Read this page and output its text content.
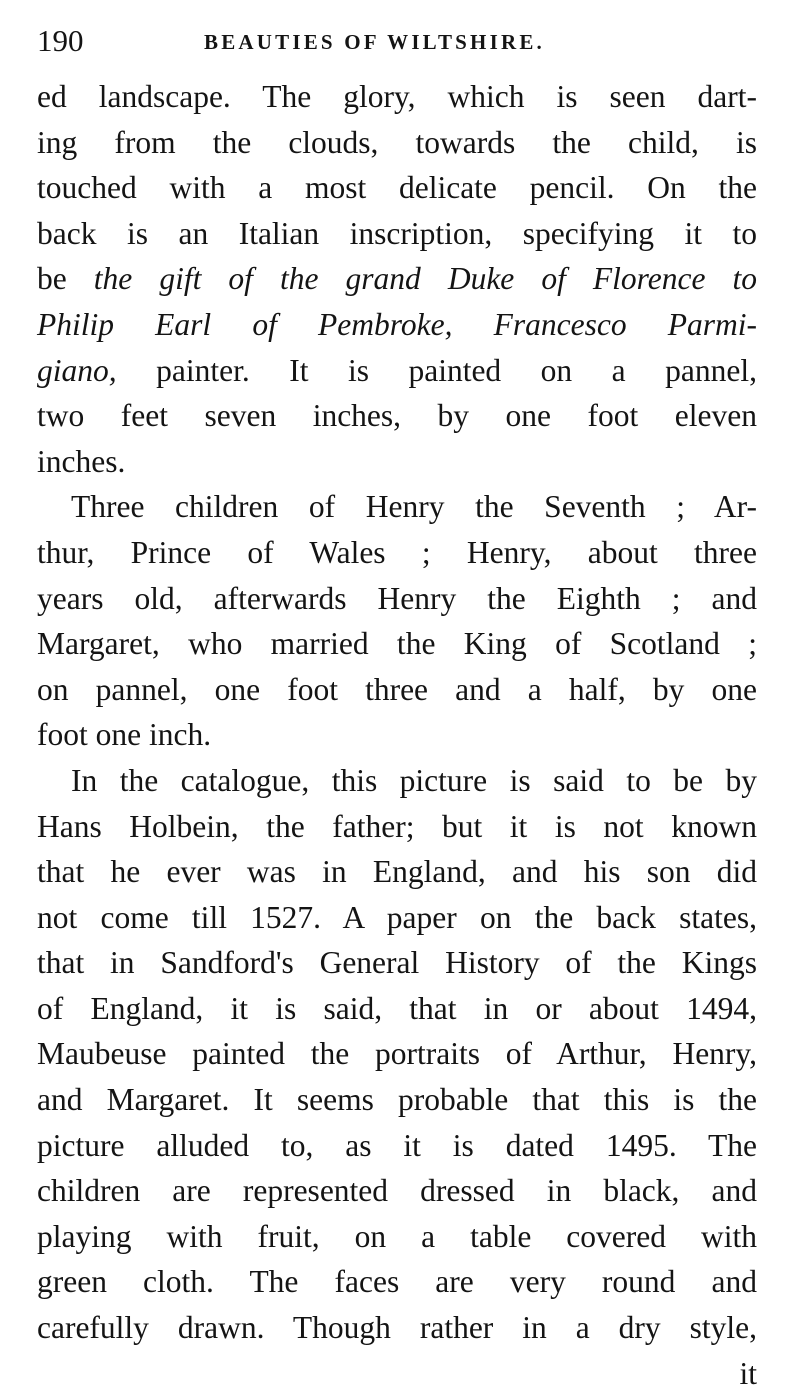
190	BEAUTIES OF WILTSHIRE.
ed landscape. The glory, which is seen dart-
ing from the clouds, towards the child, is
touched with a most delicate pencil. On the
back is an Italian inscription, specifying it to
be the gift of the grand Duke of Florence to
Philip Earl of Pembroke, Francesco Parmi-
giano, painter. It is painted on a pannel,
two feet seven inches, by one foot eleven
inches.
Three children of Henry the Seventh ; Ar-
thur, Prince of Wales ; Henry, about three
years old, afterwards Henry the Eighth ; and
Margaret, who married the King of Scotland ;
on pannel, one foot three and a half, by one
foot one inch.
In the catalogue, this picture is said to be by
Hans Holbein, the father; but it is not known
that he ever was in England, and his son did
not come till 1527. A paper on the back states,
that in Sandford's General History of the Kings
of England, it is said, that in or about 1494,
Maubeuse painted the portraits of Arthur, Henry,
and Margaret. It seems probable that this is the
picture alluded to, as it is dated 1495. The
children are represented dressed in black, and
playing with fruit, on a table covered with
green cloth. The faces are very round and
carefully drawn. Though rather in a dry style,
it
